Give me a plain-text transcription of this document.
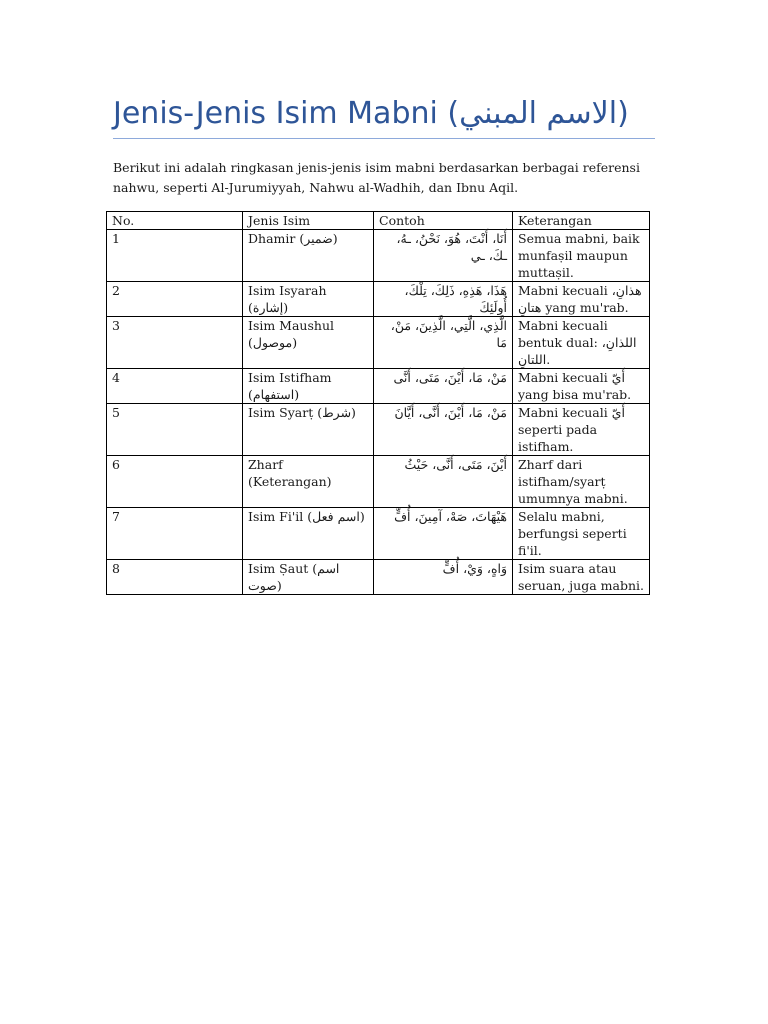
Jenis-Jenis Isim Mabni (الاسم المبني)

Berikut ini adalah ringkasan jenis-jenis isim mabni berdasarkan berbagai referensi nahwu, seperti Al-Jurumiyyah, Nahwu al-Wadhih, dan Ibnu Aqil.

No.	Jenis Isim	Contoh	Keterangan
1	Dhamir (ضمير)	أَنَا، أَنْتَ، هُوَ، نَحْنُ، ـهُ، ـكَ، ـي	Semua mabni, baik munfaṣil maupun muttaṣil.
2	Isim Isyarah (إشارة)	هَذَا، هَذِهِ، ذَلِكَ، تِلْكَ، أُولَئِكَ	Mabni kecuali هذانِ، هتانِ yang mu'rab.
3	Isim Maushul (موصول)	الَّذِي، الَّتِي، الَّذِينَ، مَنْ، مَا	Mabni kecuali bentuk dual: اللذانِ، اللتانِ.
4	Isim Istifham (استفهام)	مَنْ، مَا، أَيْنَ، مَتَى، أَنَّى	Mabni kecuali أَيّ yang bisa mu'rab.
5	Isim Syarṭ (شرط)	مَنْ، مَا، أَيْنَ، أَنَّى، أَيَّانَ	Mabni kecuali أَيّ seperti pada istifham.
6	Zharf (Keterangan)	أَيْنَ، مَتَى، أَنَّى، حَيْثُ	Zharf dari istifham/syarṭ umumnya mabni.
7	Isim Fi'il (اسم فعل)	هَيْهَاتَ، صَهْ، آمِينَ، أُفٍّ	Selalu mabni, berfungsi seperti fi'il.
8	Isim Ṣaut (اسم صوت)	وَاهٍ، وَيْ، أُفٍّ	Isim suara atau seruan, juga mabni.
